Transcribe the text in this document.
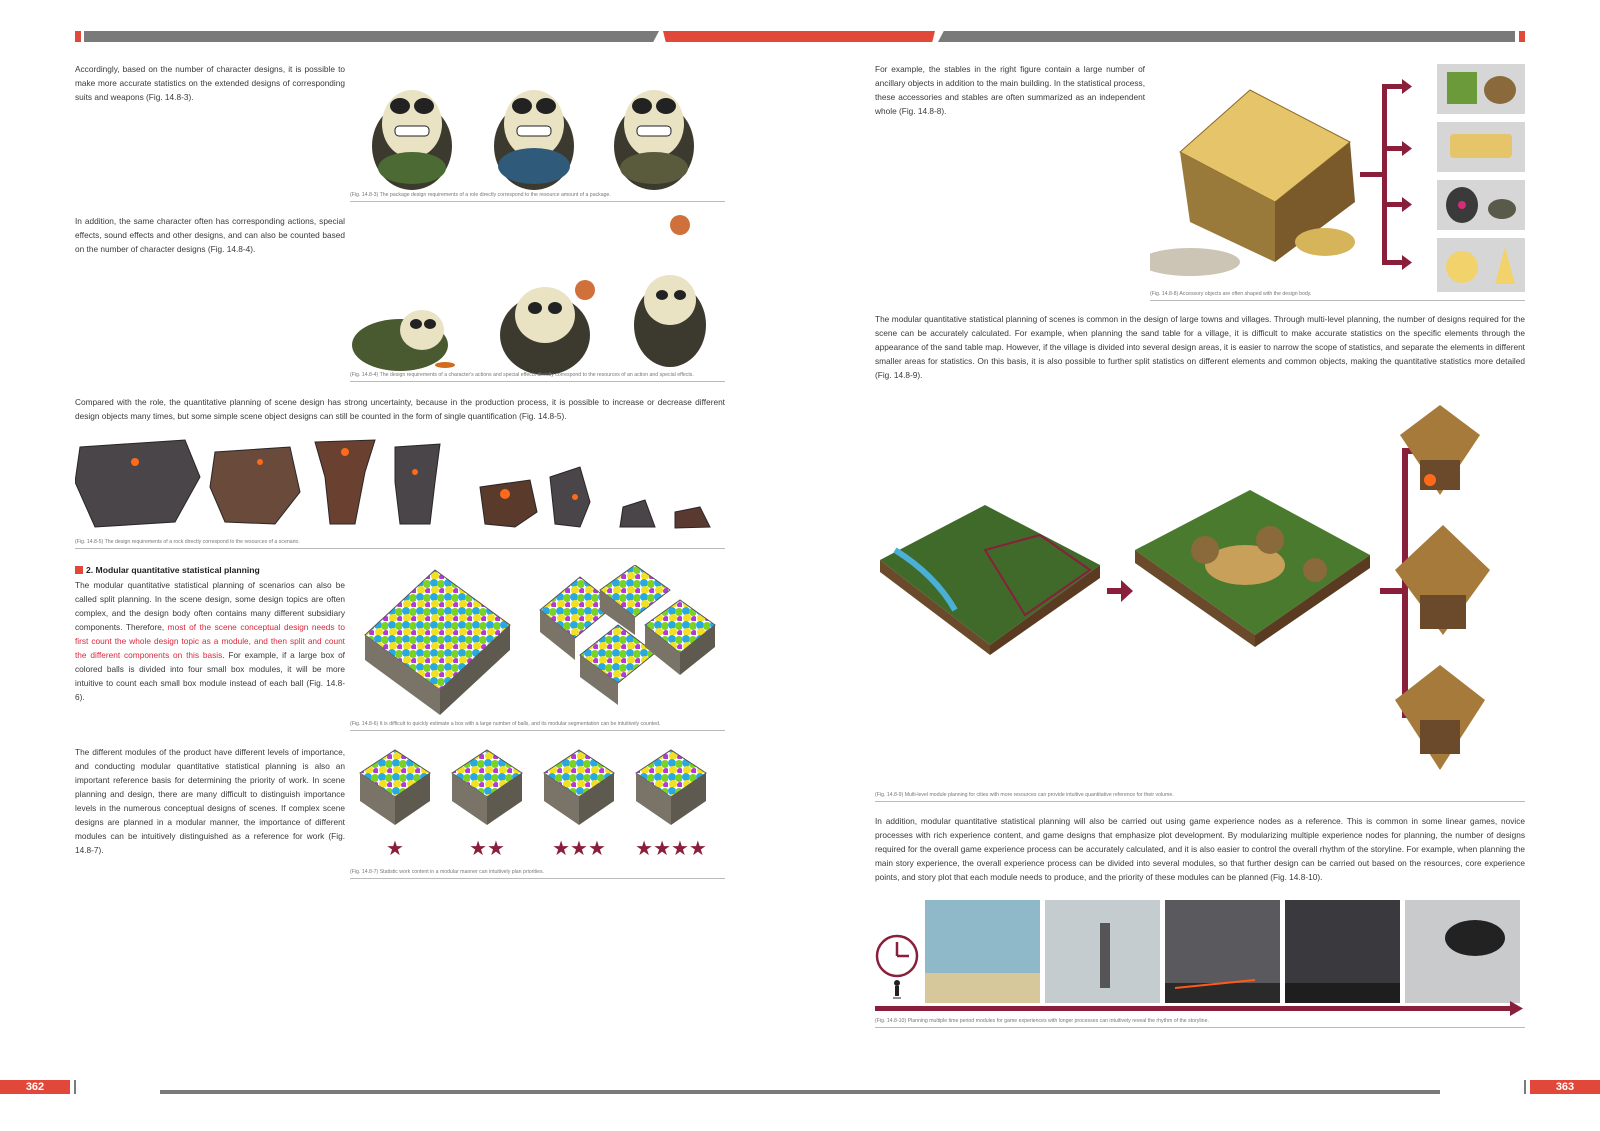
Accordingly, based on the number of character designs, it is possible to make more accurate statistics on the extended designs of corresponding suits and weapons (Fig. 14.8-3).
(Fig. 14.8-3) The package design requirements of a role directly correspond to the resource amount of a package.
In addition, the same character often has corresponding actions, special effects, sound effects and other designs, and can also be counted based on the number of character designs (Fig. 14.8-4).
(Fig. 14.8-4) The design requirements of a character's actions and special effects directly correspond to the resources of an action and special effects.
Compared with the role, the quantitative planning of scene design has strong uncertainty, because in the production process, it is possible to increase or decrease different design objects many times, but some simple scene object designs can still be counted in the form of single quantification (Fig. 14.8-5).
(Fig. 14.8-5) The design requirements of a rock directly correspond to the resources of a scenario.
2. Modular quantitative statistical planning
The modular quantitative statistical planning of scenarios can also be called split planning. In the scene design, some design topics are often complex, and the design body often contains many different subsidiary components. Therefore, most of the scene conceptual design needs to first count the whole design topic as a module, and then split and count the different components on this basis. For example, if a large box of colored balls is divided into four small box modules, it will be more intuitive to count each small box module instead of each ball (Fig. 14.8-6).
(Fig. 14.8-6) It is difficult to quickly estimate a box with a large number of balls, and its modular segmentation can be intuitively counted.
The different modules of the product have different levels of importance, and conducting modular quantitative statistical planning is also an important reference basis for determining the priority of work. In scene planning and design, there are many difficult to distinguish importance levels in the numerous conceptual designs of scenes. If complex scene designs are planned in a modular manner, the importance of different modules can be intuitively distinguished as a reference for work (Fig. 14.8-7).	★	★★ ★★★ ★★★★
(Fig. 14.8-7) Statistic work content in a modular manner can intuitively plan priorities.
For example, the stables in the right figure contain a large number of ancillary objects in addition to the main building. In the statistical process, these accessories and stables are often summarized as an independent whole (Fig. 14.8-8).
(Fig. 14.8-8) Accessory objects are often shaped with the design body.
The modular quantitative statistical planning of scenes is common in the design of large towns and villages. Through multi-level planning, the number of designs required for the scene can be accurately calculated. For example, when planning the sand table for a village, it is difficult to make accurate statistics on the specific elements through the appearance of the sand table map. However, if the village is divided into several design areas, it is easier to narrow the scope of statistics, and separate the elements in different smaller areas for statistics. On this basis, it is also possible to further split statistics on different elements and common objects, making the quantitative statistics more detailed (Fig. 14.8-9).
(Fig. 14.8-9) Multi-level module planning for cities with more resources can provide intuitive quantitative reference for their volume.
In addition, modular quantitative statistical planning will also be carried out using game experience nodes as a reference. This is common in some linear games, novice processes with rich experience content, and game designs that emphasize plot development. By modularizing multiple experience nodes for planning, the number of designs required for the overall game experience process can be accurately calculated, and it is also easier to control the overall rhythm of the storyline. For example, when planning the main story experience, the overall experience process can be divided into several modules, so that further design can be carried out based on the resources, core experience points, and story plot that each module needs to produce, and the priority of these modules can be planned (Fig. 14.8-10).
(Fig. 14.8-10) Planning multiple time period modules for game experiences with longer processes can intuitively reveal the rhythm of the storyline.
362	363
